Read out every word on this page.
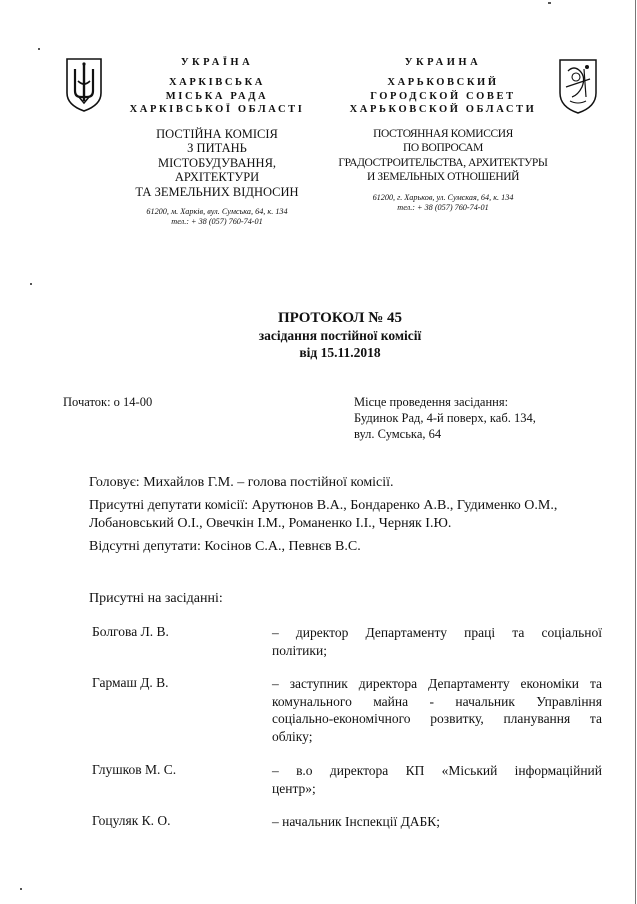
УКРАЇНА
ХАРКІВСЬКА
МІСЬКА РАДА
ХАРКІВСЬКОЇ ОБЛАСТІ
ПОСТІЙНА КОМІСІЯ
З ПИТАНЬ
МІСТОБУДУВАННЯ, АРХІТЕКТУРИ
ТА ЗЕМЕЛЬНИХ ВІДНОСИН
61200, м. Харків, вул. Сумська, 64, к. 134
тел.: + 38 (057) 760-74-01
УКРАИНА
ХАРЬКОВСКИЙ
ГОРОДСКОЙ СОВЕТ
ХАРЬКОВСКОЙ ОБЛАСТИ
ПОСТОЯННАЯ КОМИССИЯ
ПО ВОПРОСАМ
ГРАДОСТРОИТЕЛЬСТВА, АРХИТЕКТУРЫ
И ЗЕМЕЛЬНЫХ ОТНОШЕНИЙ
61200, г. Харьков, ул. Сумская, 64, к. 134
тел.: + 38 (057) 760-74-01
ПРОТОКОЛ № 45
засідання постійної комісії
від 15.11.2018
Початок: о 14-00	Місце проведення засідання:
Будинок Рад, 4-й поверх, каб. 134,
вул. Сумська, 64
Головує: Михайлов Г.М. – голова постійної комісії.
Присутні депутати комісії: Арутюнов В.А., Бондаренко А.В., Гудименко О.М.,
Лобановський О.І., Овечкін І.М., Романенко І.І., Черняк І.Ю.
Відсутні депутати: Косінов С.А., Певнєв В.С.
Присутні на засіданні:
Болгова Л. В.	– директор Департаменту праці та соціальної
політики;
Гармаш Д. В.	– заступник директора Департаменту економіки та
комунального майна - начальник Управління
соціально-економічного розвитку, планування та
обліку;
Глушков М. С.	– в.о директора КП «Міський інформаційний
центр»;
Гоцуляк К. О.	– начальник Інспекції ДАБК;
